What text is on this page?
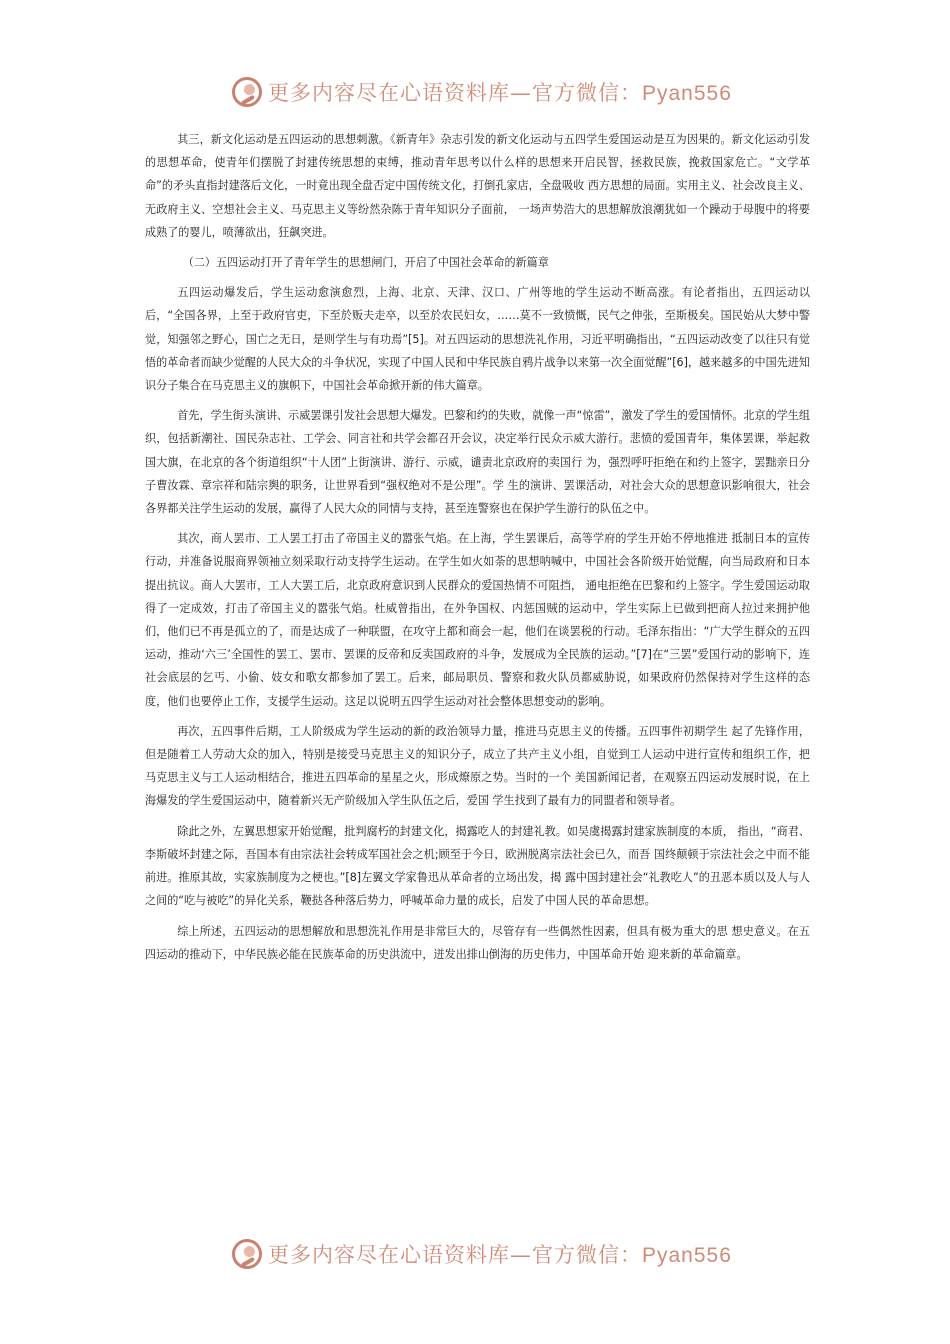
更多内容尽在心语资料库—官方微信：Pyan556

其三，新文化运动是五四运动的思想刺激。《新青年》杂志引发的新文化运动与五四学生爱国运动是互为因果的。新文化运动引发的思想革命，使青年们摆脱了封建传统思想的束缚，推动青年思考以什么样的思想来开启民智，拯救民族，挽救国家危亡。“文学革命”的矛头直指封建落后文化，一时竟出现全盘否定中国传统文化，打倒孔家店，全盘吸收 西方思想的局面。实用主义、社会改良主义、无政府主义、空想社会主义、马克思主义等纷然杂陈于青年知识分子面前， 一场声势浩大的思想解放浪潮犹如一个躁动于母腹中的将要成熟了的婴儿，喷薄欲出，狂飙突进。

（二）五四运动打开了青年学生的思想闸门，开启了中国社会革命的新篇章

五四运动爆发后，学生运动愈演愈烈，上海、北京、天津、汉口、广州等地的学生运动不断高涨。有论者指出，五四运动以后，“全国各界，上至于政府官吏，下至於贩夫走卒，以至於农民妇女，……莫不一致愤慨，民气之伸张，至斯极矣。国民始从大梦中警觉，知强邻之野心，国亡之无日，是则学生与有功焉”[5]。对五四运动的思想洗礼作用，习近平明确指出，“五四运动改变了以往只有觉悟的革命者而缺少觉醒的人民大众的斗争状况，实现了中国人民和中华民族自鸦片战争以来第一次全面觉醒”[6]，越来越多的中国先进知识分子集合在马克思主义的旗帜下，中国社会革命掀开新的伟大篇章。

首先，学生街头演讲、示威罢课引发社会思想大爆发。巴黎和约的失败，就像一声“惊雷”，激发了学生的爱国情怀。北京的学生组织，包括新潮社、国民杂志社、工学会、同言社和共学会都召开会议，决定举行民众示威大游行。悲愤的爱国青年，集体罢课，举起救国大旗，在北京的各个街道组织“十人团”上街演讲、游行、示威，谴责北京政府的卖国行 为，强烈呼吁拒绝在和约上签字，罢黜亲日分子曹汝霖、章宗祥和陆宗舆的职务，让世界看到“强权绝对不是公理”。学 生的演讲、罢课活动，对社会大众的思想意识影响很大，社会各界都关注学生运动的发展，赢得了人民大众的同情与支持，甚至连警察也在保护学生游行的队伍之中。

其次，商人罢市、工人罢工打击了帝国主义的嚣张气焰。在上海，学生罢课后，高等学府的学生开始不停地推进 抵制日本的宣传行动，并准备说服商界领袖立刻采取行动支持学生运动。在学生如火如荼的思想呐喊中，中国社会各阶级开始觉醒，向当局政府和日本提出抗议。商人大罢市，工人大罢工后，北京政府意识到人民群众的爱国热情不可阻挡， 通电拒绝在巴黎和约上签字。学生爱国运动取得了一定成效，打击了帝国主义的嚣张气焰。杜威曾指出，在外争国权、内惩国贼的运动中，学生实际上已做到把商人拉过来拥护他们，他们已不再是孤立的了，而是达成了一种联盟，在攻守上都和商会一起，他们在谈罢税的行动。毛泽东指出：“广大学生群众的五四运动，推动‘六三’全国性的罢工、罢市、罢课的反帝和反卖国政府的斗争，发展成为全民族的运动。”[7]在“三罢”爱国行动的影响下，连社会底层的乞丐、小偷、妓女和歌女都参加了罢工。后来，邮局职员、警察和救火队员都威胁说，如果政府仍然保持对学生这样的态度，他们也要停止工作，支援学生运动。这足以说明五四学生运动对社会整体思想变动的影响。

再次，五四事件后期，工人阶级成为学生运动的新的政治领导力量，推进马克思主义的传播。五四事件初期学生 起了先锋作用，但是随着工人劳动大众的加入，特别是接受马克思主义的知识分子，成立了共产主义小组，自觉到工人运动中进行宣传和组织工作，把马克思主义与工人运动相结合，推进五四革命的星星之火，形成燎原之势。当时的一个 美国新闻记者，在观察五四运动发展时说，在上海爆发的学生爱国运动中，随着新兴无产阶级加入学生队伍之后，爱国 学生找到了最有力的同盟者和领导者。

除此之外，左翼思想家开始觉醒，批判腐朽的封建文化，揭露吃人的封建礼教。如吴虞揭露封建家族制度的本质， 指出，“商君、李斯破坏封建之际，吾国本有由宗法社会转成军国社会之机;顾至于今日，欧洲脱离宗法社会已久，而吾 国终颠顿于宗法社会之中而不能前进。推原其故，实家族制度为之梗也。”[8]左翼文学家鲁迅从革命者的立场出发，揭 露中国封建社会“礼教吃人”的丑恶本质以及人与人之间的“吃与被吃”的异化关系，鞭挞各种落后势力，呼喊革命力量的成长，启发了中国人民的革命思想。

综上所述，五四运动的思想解放和思想洗礼作用是非常巨大的，尽管存有一些偶然性因素，但具有极为重大的思 想史意义。在五四运动的推动下，中华民族必能在民族革命的历史洪流中，迸发出排山倒海的历史伟力，中国革命开始 迎来新的革命篇章。

更多内容尽在心语资料库—官方微信：Pyan556
